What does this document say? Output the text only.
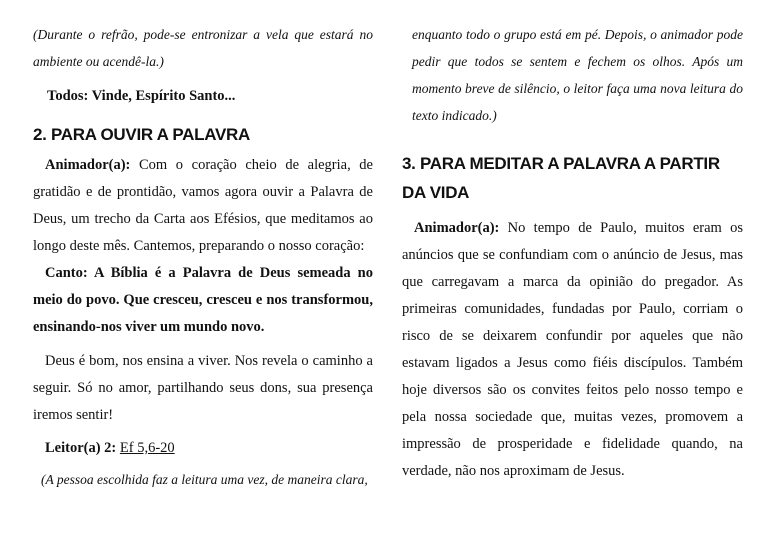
(Durante o refrão, pode-se entronizar a vela que estará no ambiente ou acendê-la.)

Todos: Vinde, Espírito Santo...

2. PARA OUVIR A PALAVRA

Animador(a): Com o coração cheio de alegria, de gratidão e de prontidão, vamos agora ouvir a Palavra de Deus, um trecho da Carta aos Efésios, que meditamos ao longo deste mês. Cantemos, preparando o nosso coração:

Canto: A Bíblia é a Palavra de Deus semeada no meio do povo. Que cresceu, cresceu e nos transformou, ensinando-nos viver um mundo novo.

Deus é bom, nos ensina a viver. Nos revela o caminho a seguir. Só no amor, partilhando seus dons, sua presença iremos sentir!

Leitor(a) 2: Ef 5,6-20

(A pessoa escolhida faz a leitura uma vez, de maneira clara,

enquanto todo o grupo está em pé. Depois, o animador pode pedir que todos se sentem e fechem os olhos. Após um momento breve de silêncio, o leitor faça uma nova leitura do texto indicado.)

3. PARA MEDITAR A PALAVRA A PARTIR DA VIDA

Animador(a): No tempo de Paulo, muitos eram os anúncios que se confundiam com o anúncio de Jesus, mas que carregavam a marca da opinião do pregador. As primeiras comunidades, fundadas por Paulo, corriam o risco de se deixarem confundir por aqueles que não estavam ligados a Jesus como fiéis discípulos. Também hoje diversos são os convites feitos pelo nosso tempo e pela nossa sociedade que, muitas vezes, promovem a impressão de prosperidade e fidelidade quando, na verdade, não nos aproximam de Jesus.
